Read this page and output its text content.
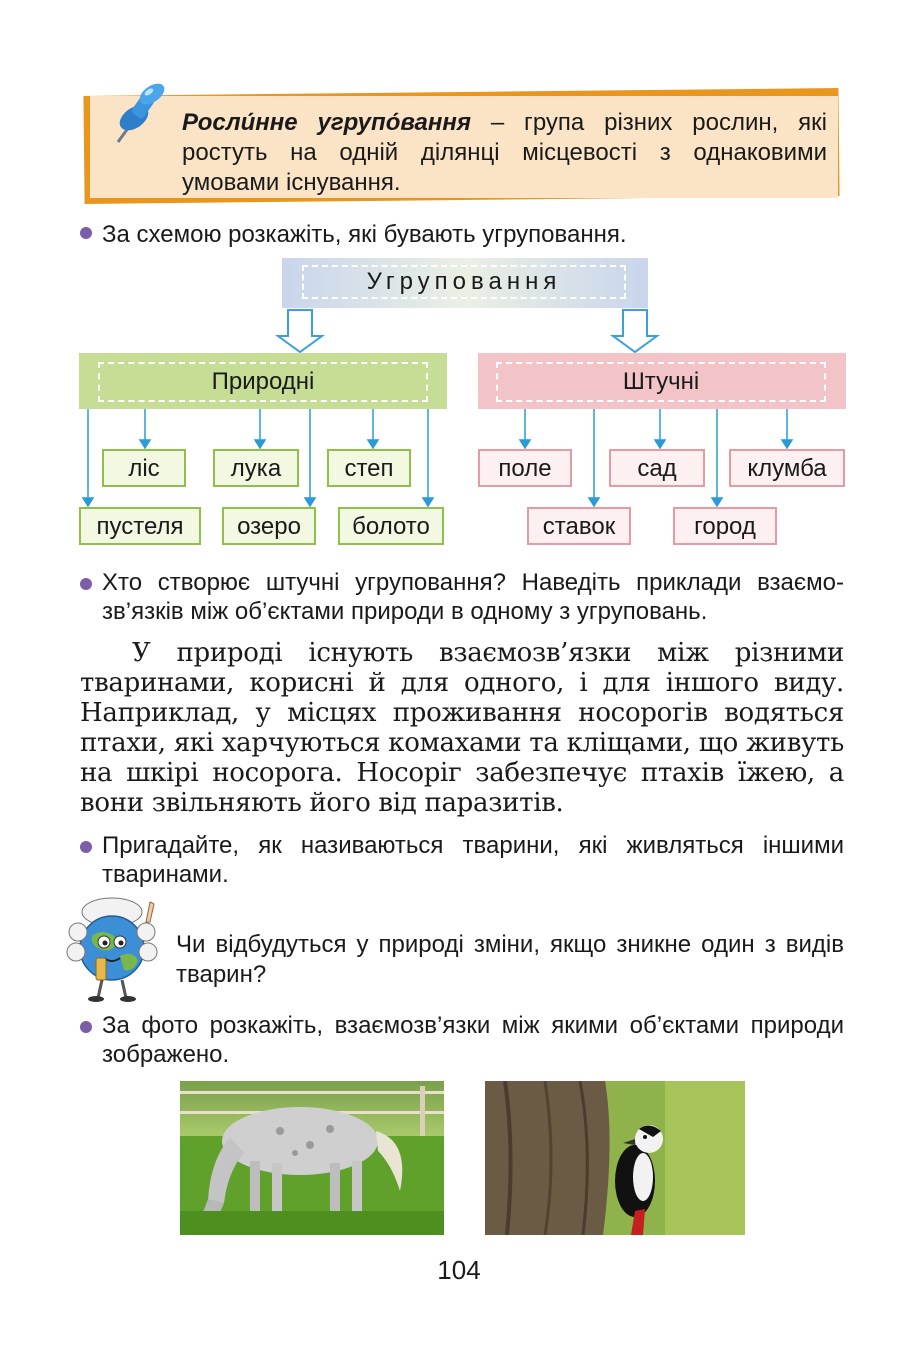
Росли́нне угрупо́вання – група різних рослин, які ростуть на одній ділянці місцевості з однаковими умовами існування.
За схемою розкажіть, які бувають угруповання.
Угруповання
Природні	Штучні
ліс	лука	степ
пустеля	озеро	болото
поле	сад	клумба
ставок	город
Хто створює штучні угруповання? Наведіть приклади взаємозв’язків між об’єктами природи в одному з угруповань.
У природі існують взаємозв’язки між різними тваринами, корисні й для одного, і для іншого виду. Наприклад, у місцях проживання носорогів водяться птахи, які харчуються комахами та кліщами, що живуть на шкірі носорога. Носоріг забезпечує птахів їжею, а вони звільняють його від паразитів.
Пригадайте, як називаються тварини, які живляться іншими тваринами.
Чи відбудуться у природі зміни, якщо зникне один з видів тварин?
За фото розкажіть, взаємозв’язки між якими об’єктами природи зображено.
104
